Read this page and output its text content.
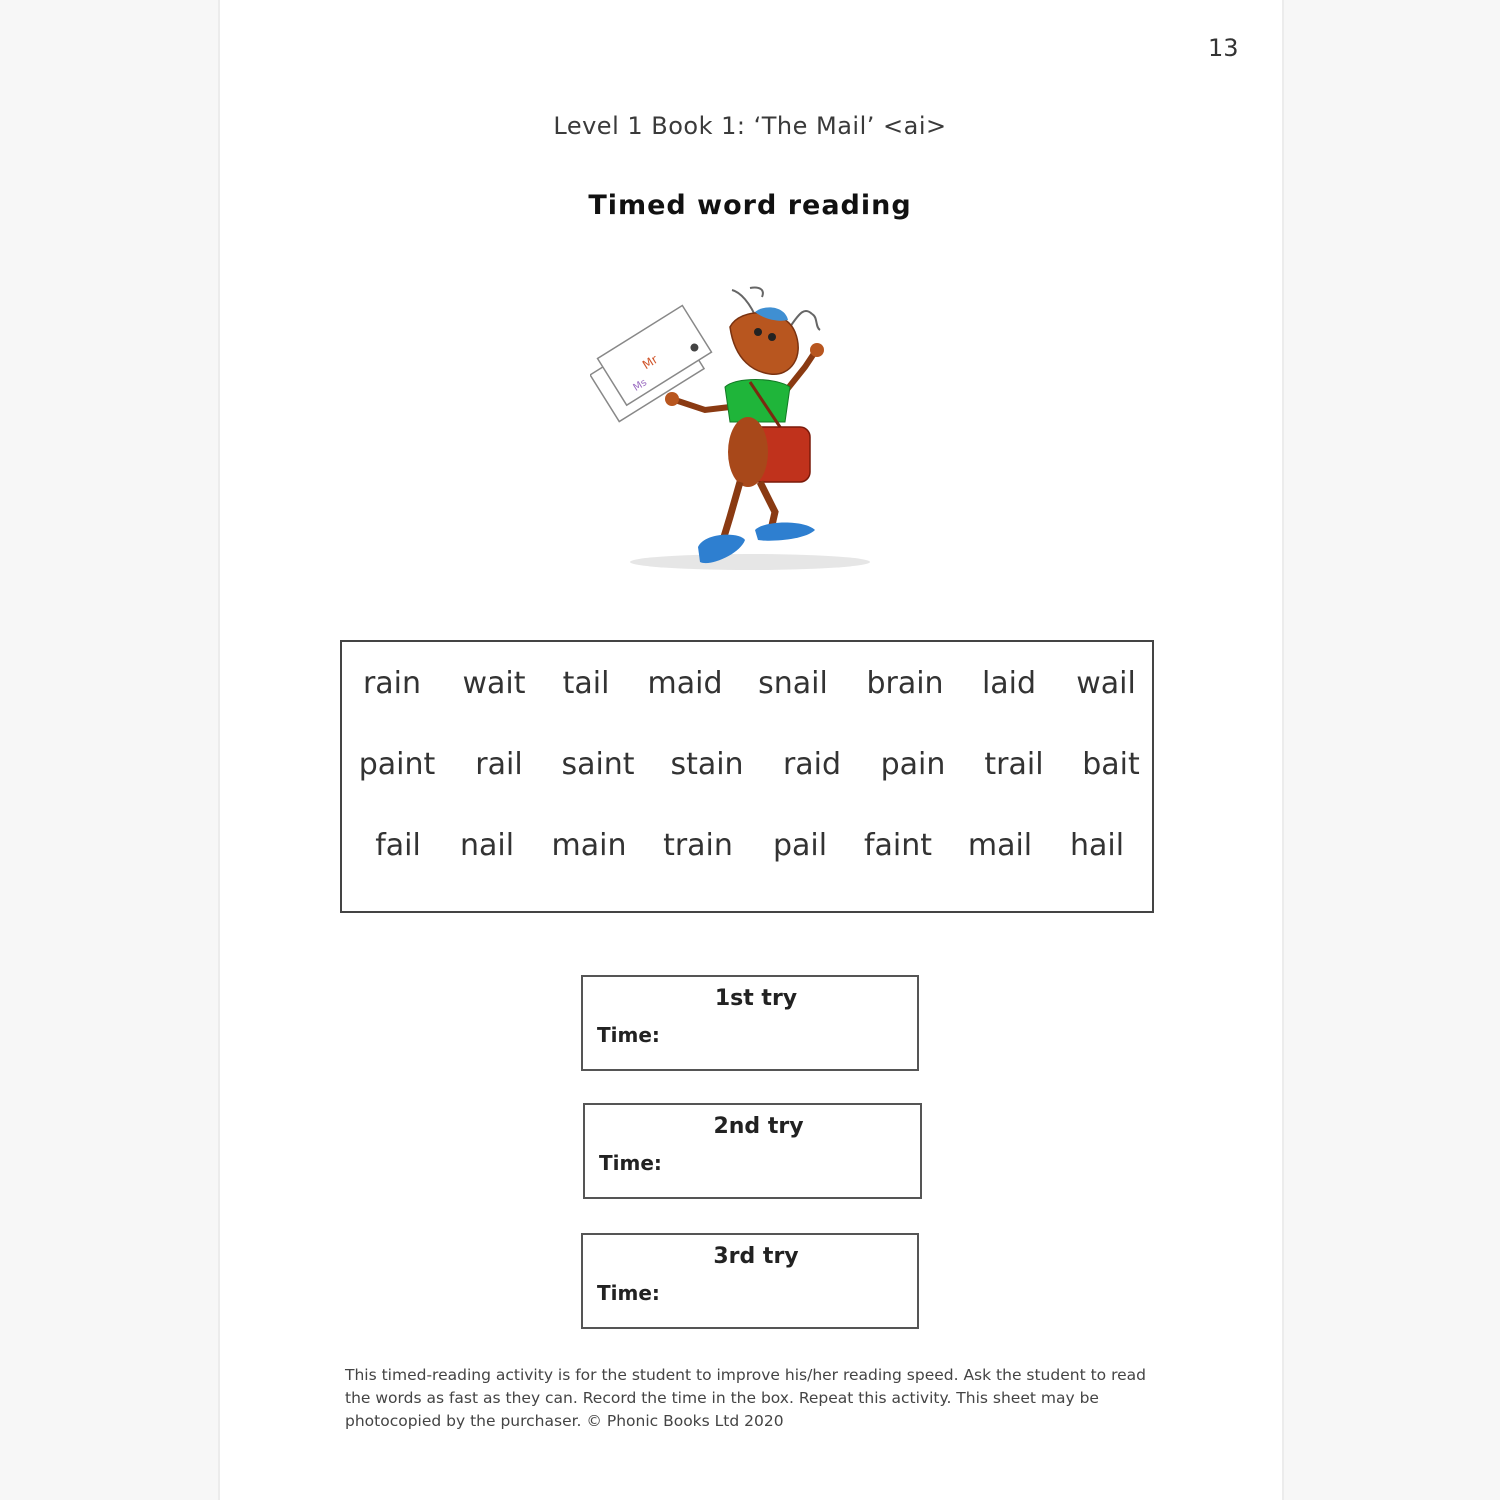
13
Level 1 Book 1: ‘The Mail’ <ai>
Timed word reading
Mr
Ms
rain wait tail maid snail brain laid wail
paint rail saint stain raid pain trail bait
fail nail main train pail faint mail hail
1st try
Time:
2nd try
Time:
3rd try
Time:
This timed-reading activity is for the student to improve his/her reading speed. Ask the student to read the words as fast as they can. Record the time in the box. Repeat this activity. This sheet may be photocopied by the purchaser. © Phonic Books Ltd 2020
